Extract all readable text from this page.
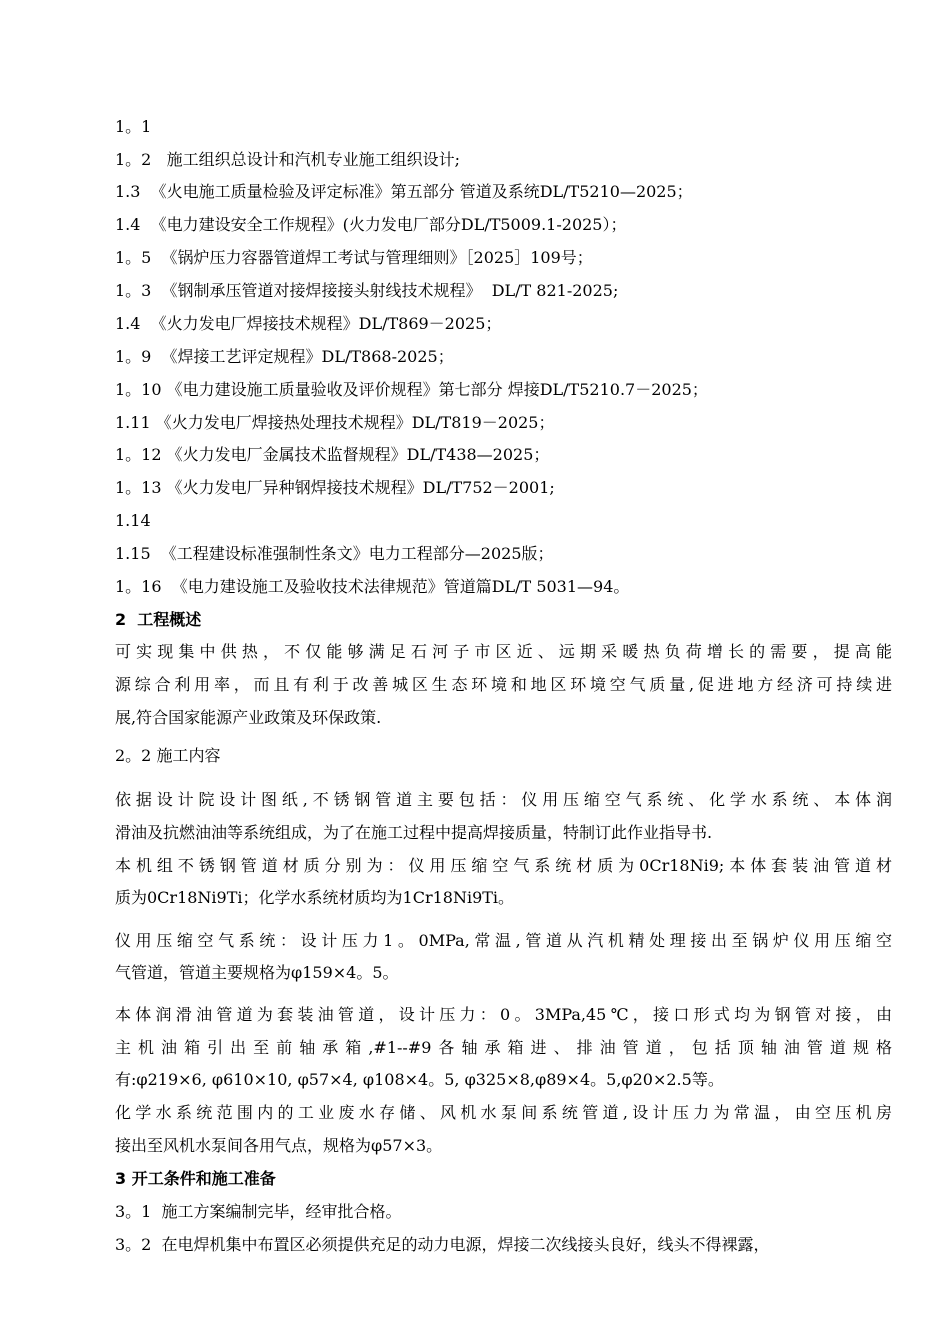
1。1
1。2   施工组织总设计和汽机专业施工组织设计;
1.3  《火电施工质量检验及评定标准》第五部分 管道及系统DL/T5210—2025；
1.4  《电力建设安全工作规程》(火力发电厂部分DL/T5009.1-2025）；
1。5  《锅炉压力容器管道焊工考试与管理细则》［2025］109号；
1。3  《钢制承压管道对接焊接接头射线技术规程》  DL/T 821-2025;
1.4  《火力发电厂焊接技术规程》DL/T869－2025；
1。9  《焊接工艺评定规程》DL/T868-2025；
1。10 《电力建设施工质量验收及评价规程》第七部分 焊接DL/T5210.7－2025；
1.11 《火力发电厂焊接热处理技术规程》DL/T819－2025；
1。12 《火力发电厂金属技术监督规程》DL/T438—2025；
1。13 《火力发电厂异种钢焊接技术规程》DL/T752－2001;
1.14
1.15  《工程建设标准强制性条文》电力工程部分—2025版；
1。16  《电力建设施工及验收技术法律规范》管道篇DL/T 5031—94。
2  工程概述
可实现集中供热，不仅能够满足石河子市区近、远期采暖热负荷增长的需要，提高能
源综合利用率，而且有利于改善城区生态环境和地区环境空气质量,促进地方经济可持续进
展,符合国家能源产业政策及环保政策.
2。2 施工内容
依据设计院设计图纸,不锈钢管道主要包括：仪用压缩空气系统、化学水系统、本体润
滑油及抗燃油油等系统组成，为了在施工过程中提高焊接质量，特制订此作业指导书.
本机组不锈钢管道材质分别为：仪用压缩空气系统材质为0Cr18Ni9;本体套装油管道材
质为0Cr18Ni9Ti；化学水系统材质均为1Cr18Ni9Ti。
仪用压缩空气系统：设计压力1。0MPa,常温,管道从汽机精处理接出至锅炉仪用压缩空
气管道，管道主要规格为φ159×4。5。
本体润滑油管道为套装油管道，设计压力：0。3MPa,45℃，接口形式均为钢管对接，由
主机油箱引出至前轴承箱,#1--#9各轴承箱进、排油管道，包括顶轴油管道规格
有:φ219×6, φ610×10, φ57×4, φ108×4。5, φ325×8,φ89×4。5,φ20×2.5等。
化学水系统范围内的工业废水存储、风机水泵间系统管道,设计压力为常温，由空压机房
接出至风机水泵间各用气点，规格为φ57×3。
3 开工条件和施工准备
3。1  施工方案编制完毕，经审批合格。
3。2  在电焊机集中布置区必须提供充足的动力电源，焊接二次线接头良好，线头不得裸露，
